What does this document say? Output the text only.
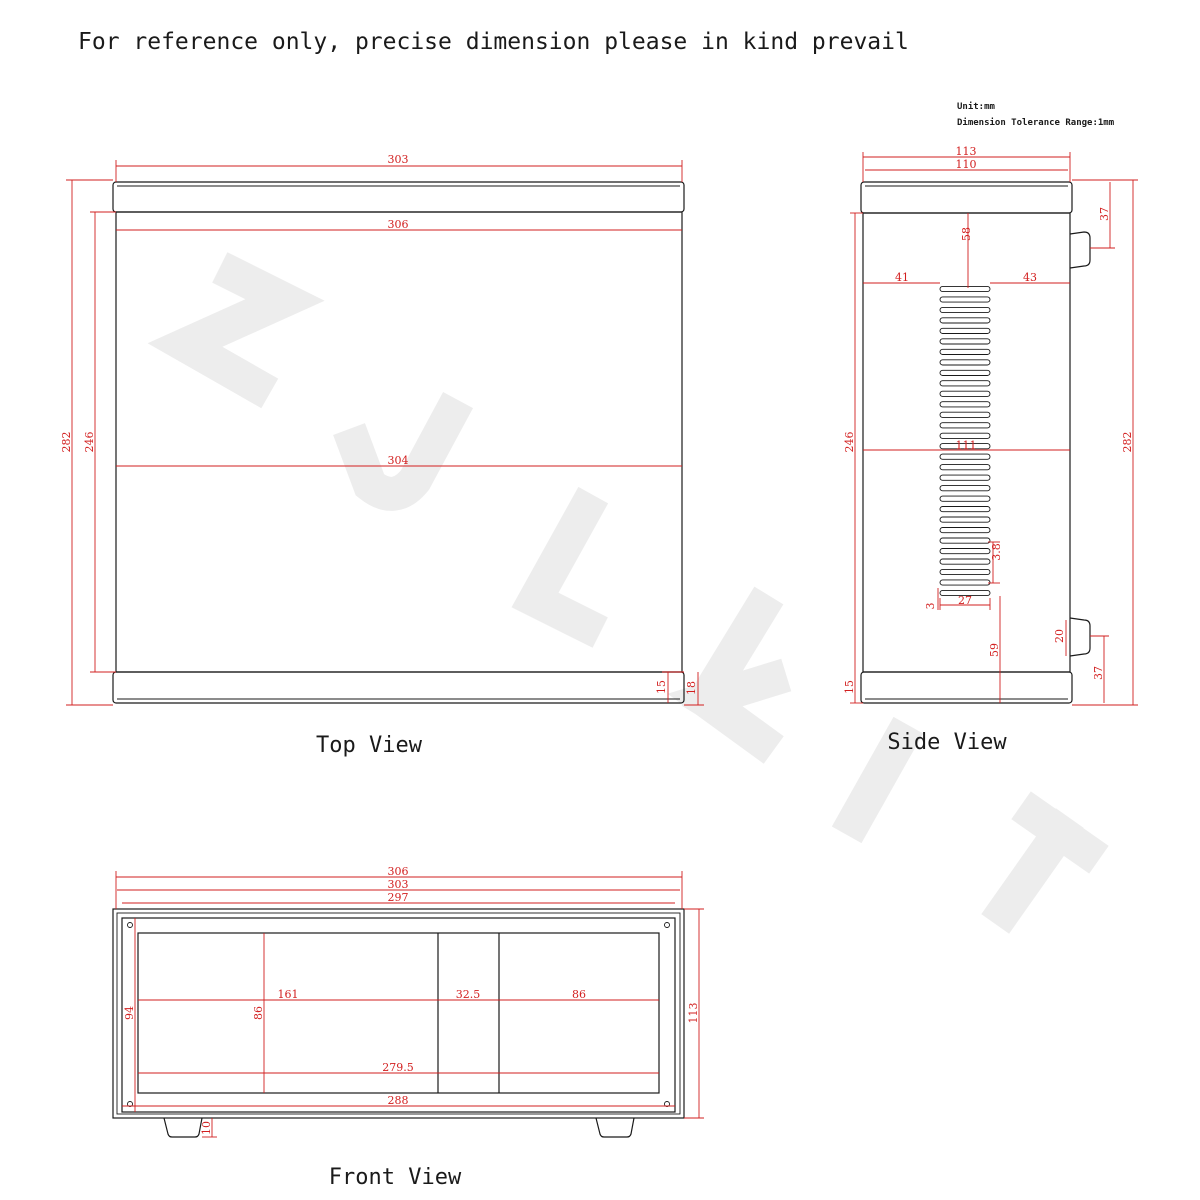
For reference only, precise dimension please in kind prevail
Unit:mm
Dimension Tolerance Range:1mm
303
306
304
282 246
15 18
Top View
113
110
58
41	43
111
246
15
282
37
37
20
59
3.8
27
3
Side View
306
303
297
161	32.5	86
86
94
279.5
288
113
10
Front View
